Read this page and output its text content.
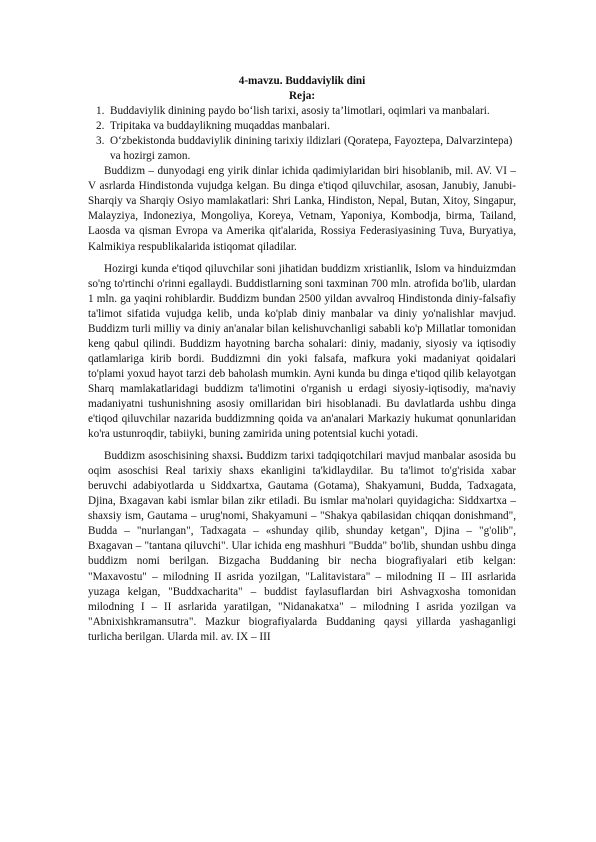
4-mavzu. Buddaviylik dini
Reja:
1. Buddaviylik dinining paydo bo‘lish tarixi, asosiy ta’limotlari, oqimlari va manbalari.
2. Tripitaka va buddaylikning muqaddas manbalari.
3. O‘zbekistonda buddaviylik dinining tarixiy ildizlari (Qoratepa, Fayoztepa, Dalvarzintepa) va hozirgi zamon.

Buddizm – dunyodagi eng yirik dinlar ichida qadimiylaridan biri hisoblanib, mil. AV. VI – V asrlarda Hindistonda vujudga kelgan. Bu dinga e'tiqod qiluvchilar, asosan, Janubiy, Janubi-Sharqiy va Sharqiy Osiyo mamlakatlari: Shri Lanka, Hindiston, Nepal, Butan, Xitoy, Singapur, Malayziya, Indoneziya, Mongoliya, Koreya, Vetnam, Yaponiya, Kombodja, birma, Tailand, Laosda va qisman Evropa va Amerika qit'alarida, Rossiya Federasiyasining Tuva, Buryatiya, Kalmikiya respublikalarida istiqomat qiladilar.

Hozirgi kunda e'tiqod qiluvchilar soni jihatidan buddizm xristianlik, Islom va hinduizmdan so'ng to'rtinchi o'rinni egallaydi. Buddistlarning soni taxminan 700 mln. atrofida bo'lib, ulardan 1 mln. ga yaqini rohiblardir. Buddizm bundan 2500 yildan avvalroq Hindistonda diniy-falsafiy ta'limot sifatida vujudga kelib, unda ko'plab diniy manbalar va diniy yo'nalishlar mavjud. Buddizm turli milliy va diniy an'analar bilan kelishuvchanligi sababli ko'p Millatlar tomonidan keng qabul qilindi. Buddizm hayotning barcha sohalari: diniy, madaniy, siyosiy va iqtisodiy qatlamlariga kirib bordi. Buddizmni din yoki falsafa, mafkura yoki madaniyat qoidalari to'plami yoxud hayot tarzi deb baholash mumkin. Ayni kunda bu dinga e'tiqod qilib kelayotgan Sharq mamlakatlaridagi buddizm ta'limotini o'rganish u erdagi siyosiy-iqtisodiy, ma'naviy madaniyatni tushunishning asosiy omillaridan biri hisoblanadi. Bu davlatlarda ushbu dinga e'tiqod qiluvchilar nazarida buddizmning qoida va an'analari Markaziy hukumat qonunlaridan ko'ra ustunroqdir, tabiiyki, buning zamirida uning potentsial kuchi yotadi.

Buddizm asoschisining shaxsi. Buddizm tarixi tadqiqotchilari mavjud manbalar asosida bu oqim asoschisi Real tarixiy shaxs ekanligini ta'kidlaydilar. Bu ta'limot to'g'risida xabar beruvchi adabiyotlarda u Siddxartxa, Gautama (Gotama), Shakyamuni, Budda, Tadxagata, Djina, Bxagavan kabi ismlar bilan zikr etiladi. Bu ismlar ma'nolari quyidagicha: Siddxartxa – shaxsiy ism, Gautama – urug'nomi, Shakyamuni – "Shakya qabilasidan chiqqan donishmand", Budda – "nurlangan", Tadxagata – «shunday qilib, shunday ketgan", Djina – "g'olib", Bxagavan – "tantana qiluvchi". Ular ichida eng mashhuri "Budda" bo'lib, shundan ushbu dinga buddizm nomi berilgan. Bizgacha Buddaning bir necha biografiyalari etib kelgan: "Maxavostu" – milodning II asrida yozilgan, "Lalitavistara" – milodning II – III asrlarida yuzaga kelgan, "Buddxacharita" – buddist faylasuflardan biri Ashvagxosha tomonidan milodning I – II asrlarida yaratilgan, "Nidanakatxa" – milodning I asrida yozilgan va "Abnixishkramansutra". Mazkur biografiyalarda Buddaning qaysi yillarda yashaganligi turlicha berilgan. Ularda mil. av. IX – III
